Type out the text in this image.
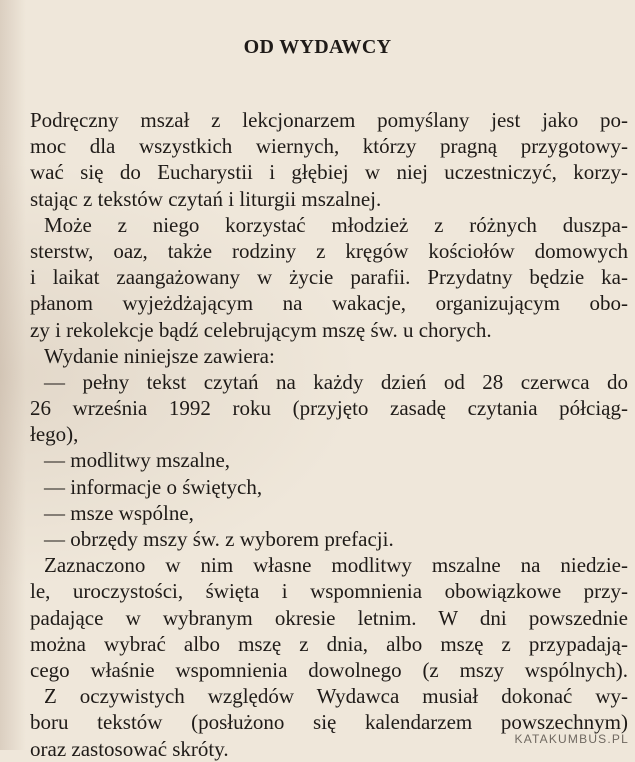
OD WYDAWCY
Podręczny mszał z lekcjonarzem pomyślany jest jako po-
moc dla wszystkich wiernych, którzy pragną przygotowy-
wać się do Eucharystii i głębiej w niej uczestniczyć, korzy-
stając z tekstów czytań i liturgii mszalnej.
Może z niego korzystać młodzież z różnych duszpa-
sterstw, oaz, także rodziny z kręgów kościołów domowych
i laikat zaangażowany w życie parafii. Przydatny będzie ka-
płanom wyjeżdżającym na wakacje, organizującym obo-
zy i rekolekcje bądź celebrującym mszę św. u chorych.
Wydanie niniejsze zawiera:
— pełny tekst czytań na każdy dzień od 28 czerwca do
26 września 1992 roku (przyjęto zasadę czytania półciąg-
łego),
— modlitwy mszalne,
— informacje o świętych,
— msze wspólne,
— obrzędy mszy św. z wyborem prefacji.
Zaznaczono w nim własne modlitwy mszalne na niedzie-
le, uroczystości, święta i wspomnienia obowiązkowe przy-
padające w wybranym okresie letnim. W dni powszednie
można wybrać albo mszę z dnia, albo mszę z przypadają-
cego właśnie wspomnienia dowolnego (z mszy wspólnych).
Z oczywistych względów Wydawca musiał dokonać wy-
boru tekstów (posłużono się kalendarzem powszechnym)
oraz zastosować skróty.	KATAKUMBUS.PL
